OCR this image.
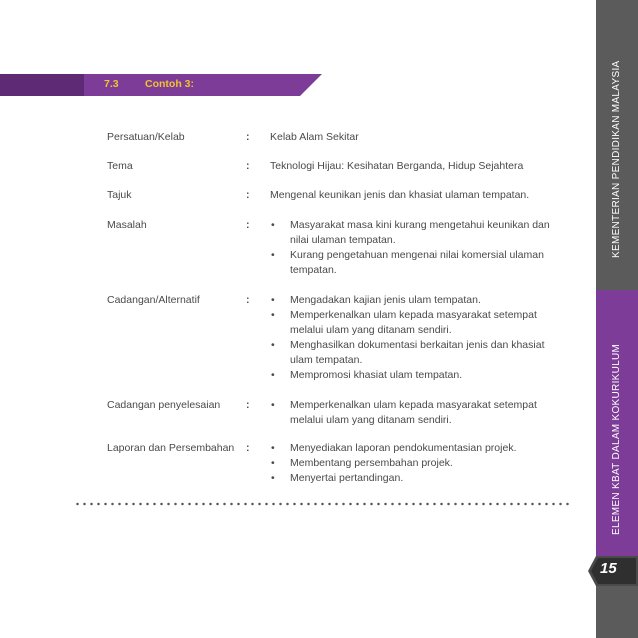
7.3	Contoh 3:
Persatuan/Kelab	: Kelab Alam Sekitar
Tema	: Teknologi Hijau: Kesihatan Berganda, Hidup Sejahtera
Tajuk	: Mengenal keunikan jenis dan khasiat ulaman tempatan.
Masalah	: • Masyarakat masa kini kurang mengetahui keunikan dan nilai ulaman tempatan.
• Kurang pengetahuan mengenai nilai komersial ulaman tempatan.
Cadangan/Alternatif	: • Mengadakan kajian jenis ulam tempatan.
• Memperkenalkan ulam kepada masyarakat setempat melalui ulam yang ditanam sendiri.
• Menghasilkan dokumentasi berkaitan jenis dan khasiat ulam tempatan.
• Mempromosi khasiat ulam tempatan.
Cadangan penyelesaian	: • Memperkenalkan ulam kepada masyarakat setempat melalui ulam yang ditanam sendiri.
Laporan dan Persembahan	: • Menyediakan laporan pendokumentasian projek.
• Membentang persembahan projek.
• Menyertai pertandingan.
KEMENTERIAN PENDIDIKAN MALAYSIA
ELEMEN KBAT DALAM KOKURIKULUM
15
